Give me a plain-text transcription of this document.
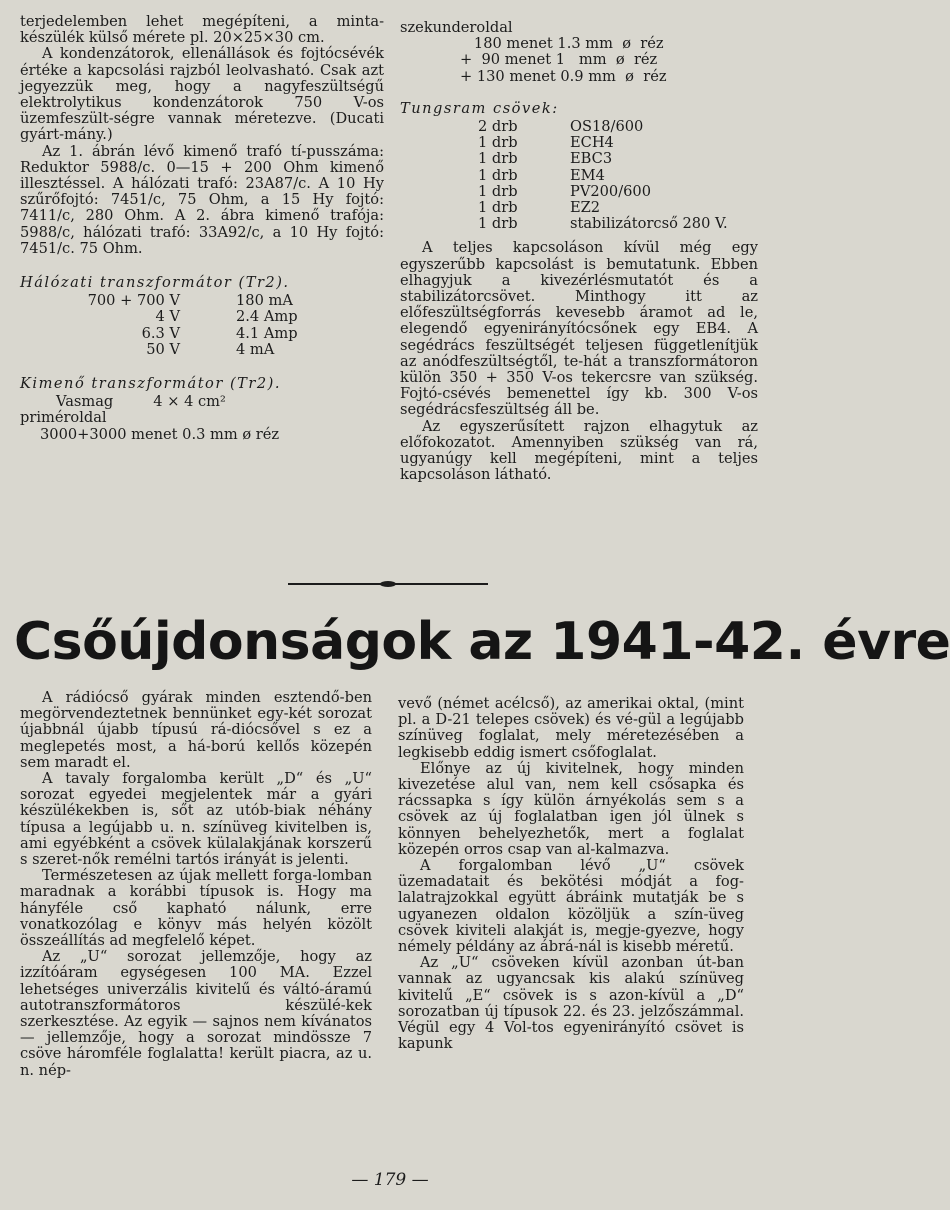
terjedelemben lehet megépíteni, a minta-készülék külső mérete pl. 20×25×30 cm.

A kondenzátorok, ellenállások és fojtócsévék értéke a kapcsolási rajzból leolvasható. Csak azt jegyezzük meg, hogy a nagyfeszültségű elektrolytikus kondenzátorok 750 V-os üzemfeszült-ségre vannak méretezve. (Ducati gyárt-mány.)

Az 1. ábrán lévő kimenő trafó tí-pusszáma: Reduktor 5988/c. 0—15 + 200 Ohm kimenő illesztéssel. A hálózati trafó: 23A87/c. A 10 Hy szűrőfojtó: 7451/c, 75 Ohm, a 15 Hy fojtó: 7411/c, 280 Ohm. A 2. ábra kimenő trafója: 5988/c, hálózati trafó: 33A92/c, a 10 Hy fojtó: 7451/c. 75 Ohm.

Hálózati transzformátor (Tr2).

700 + 700 V	180 mA
4 V	2.4 Amp
6.3 V	4.1 Amp
50 V	4 mA

Kimenő transzformátor (Tr2).

Vasmag	4 × 4 cm²

priméroldal

3000+3000 menet 0.3 mm ø réz

szekunderoldal

180 menet 1.3 mm  ø  réz
+  90 menet 1   mm  ø  réz
+ 130 menet 0.9 mm  ø  réz

Tungsram csövek:

2 drb	OS18/600
1 drb	ECH4
1 drb	EBC3
1 drb	EM4
1 drb	PV200/600
1 drb	EZ2
1 drb	stabilizátorcső 280 V.

A teljes kapcsoláson kívül még egy egyszerűbb kapcsolást is bemutatunk. Ebben elhagyjuk a kivezérlésmutatót és a stabilizátorcsövet. Minthogy itt az előfeszültségforrás kevesebb áramot ad le, elegendő egyenirányítócsőnek egy EB4. A segédrács feszültségét teljesen függetlenítjük az anódfeszültségtől, te-hát a transzformátoron külön 350 + 350 V-os tekercsre van szükség. Fojtó-csévés bemenettel így kb. 300 V-os segédrácsfeszültség áll be.

Az egyszerűsített rajzon elhagytuk az előfokozatot. Amennyiben szükség van rá, ugyanúgy kell megépíteni, mint a teljes kapcsoláson látható.

Csőújdonságok az 1941-42. évre

A rádiócső gyárak minden esztendő-ben megörvendeztetnek bennünket egy-két sorozat újabbnál újabb típusú rá-diócsővel s ez a meglepetés most, a há-ború kellős közepén sem maradt el.

A tavaly forgalomba került „D“ és „U“ sorozat egyedei megjelentek már a gyári készülékekben is, sőt az utób-biak néhány típusa a legújabb u. n. színüveg kivitelben is, ami egyébként a csövek külalakjának korszerű s szeret-nők remélni tartós irányát is jelenti.

Természetesen az újak mellett forga-lomban maradnak a korábbi típusok is. Hogy ma hányféle cső kapható nálunk, erre vonatkozólag e könyv más helyén közölt összeállítás ad megfelelő képet.

Az „U“ sorozat jellemzője, hogy az izzítóáram egységesen 100 MA. Ezzel lehetséges univerzális kivitelű és váltó-áramú autotranszformátoros készülé-kek szerkesztése. Az egyik — sajnos nem kívánatos — jellemzője, hogy a sorozat mindössze 7 csöve háromféle foglalatta! került piacra, az u. n. nép-

vevő (német acélcső), az amerikai oktal, (mint pl. a D-21 telepes csövek) és vé-gül a legújabb színüveg foglalat, mely méretezésében a legkisebb eddig ismert csőfoglalat.

Előnye az új kivitelnek, hogy minden kivezetése alul van, nem kell csősapka és rácssapka s így külön árnyékolás sem s a csövek az új foglalatban igen jól ülnek s könnyen behelyezhetők, mert a foglalat közepén orros csap van al-kalmazva.

A forgalomban lévő „U“ csövek üzemadatait és bekötési módját a fog-lalatrajzokkal együtt ábráink mutatják be s ugyanezen oldalon közöljük a szín-üveg csövek kiviteli alakját is, megje-gyezve, hogy némely példány az ábrá-nál is kisebb méretű.

Az „U“ csöveken kívül azonban út-ban vannak az ugyancsak kis alakú színüveg kivitelű „E“ csövek is s azon-kívül a „D“ sorozatban új típusok 22. és 23. jelzőszámmal. Végül egy 4 Vol-tos egyenirányító csövet is kapunk

— 179 —
